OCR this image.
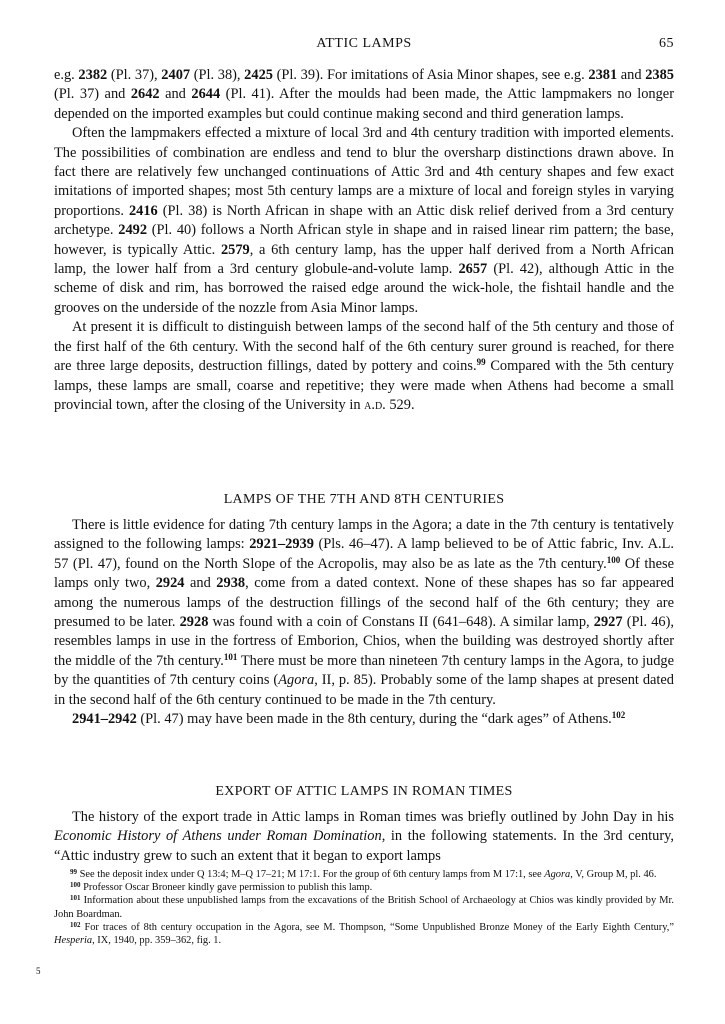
ATTIC LAMPS	65

e.g. 2382 (Pl. 37), 2407 (Pl. 38), 2425 (Pl. 39). For imitations of Asia Minor shapes, see e.g. 2381 and 2385 (Pl. 37) and 2642 and 2644 (Pl. 41). After the moulds had been made, the Attic lampmakers no longer depended on the imported examples but could continue making second and third generation lamps.

Often the lampmakers effected a mixture of local 3rd and 4th century tradition with imported elements. The possibilities of combination are endless and tend to blur the oversharp distinctions drawn above. In fact there are relatively few unchanged continuations of Attic 3rd and 4th century shapes and few exact imitations of imported shapes; most 5th century lamps are a mixture of local and foreign styles in varying proportions. 2416 (Pl. 38) is North African in shape with an Attic disk relief derived from a 3rd century archetype. 2492 (Pl. 40) follows a North African style in shape and in raised linear rim pattern; the base, however, is typically Attic. 2579, a 6th century lamp, has the upper half derived from a North African lamp, the lower half from a 3rd century globule-and-volute lamp. 2657 (Pl. 42), although Attic in the scheme of disk and rim, has borrowed the raised edge around the wick-hole, the fishtail handle and the grooves on the underside of the nozzle from Asia Minor lamps.

At present it is difficult to distinguish between lamps of the second half of the 5th century and those of the first half of the 6th century. With the second half of the 6th century surer ground is reached, for there are three large deposits, destruction fillings, dated by pottery and coins.$^{99}$ Compared with the 5th century lamps, these lamps are small, coarse and repetitive; they were made when Athens had become a small provincial town, after the closing of the University in a.d. 529.

LAMPS OF THE 7TH AND 8TH CENTURIES

There is little evidence for dating 7th century lamps in the Agora; a date in the 7th century is tentatively assigned to the following lamps: 2921–2939 (Pls. 46–47). A lamp believed to be of Attic fabric, Inv. A.L. 57 (Pl. 47), found on the North Slope of the Acropolis, may also be as late as the 7th century.$^{100}$ Of these lamps only two, 2924 and 2938, come from a dated context. None of these shapes has so far appeared among the numerous lamps of the destruction fillings of the second half of the 6th century; they are presumed to be later. 2928 was found with a coin of Constans II (641–648). A similar lamp, 2927 (Pl. 46), resembles lamps in use in the fortress of Emborion, Chios, when the building was destroyed shortly after the middle of the 7th century.$^{101}$ There must be more than nineteen 7th century lamps in the Agora, to judge by the quantities of 7th century coins (Agora, II, p. 85). Probably some of the lamp shapes at present dated in the second half of the 6th century continued to be made in the 7th century.

2941–2942 (Pl. 47) may have been made in the 8th century, during the “dark ages” of Athens.$^{102}$

EXPORT OF ATTIC LAMPS IN ROMAN TIMES

The history of the export trade in Attic lamps in Roman times was briefly outlined by John Day in his Economic History of Athens under Roman Domination, in the following statements. In the 3rd century, “Attic industry grew to such an extent that it began to export lamps

$^{99}$ See the deposit index under Q 13:4; M–Q 17–21; M 17:1. For the group of 6th century lamps from M 17:1, see Agora, V, Group M, pl. 46.

$^{100}$ Professor Oscar Broneer kindly gave permission to publish this lamp.

$^{101}$ Information about these unpublished lamps from the excavations of the British School of Archaeology at Chios was kindly provided by Mr. John Boardman.

$^{102}$ For traces of 8th century occupation in the Agora, see M. Thompson, “Some Unpublished Bronze Money of the Early Eighth Century,” Hesperia, IX, 1940, pp. 359–362, fig. 1.

5
